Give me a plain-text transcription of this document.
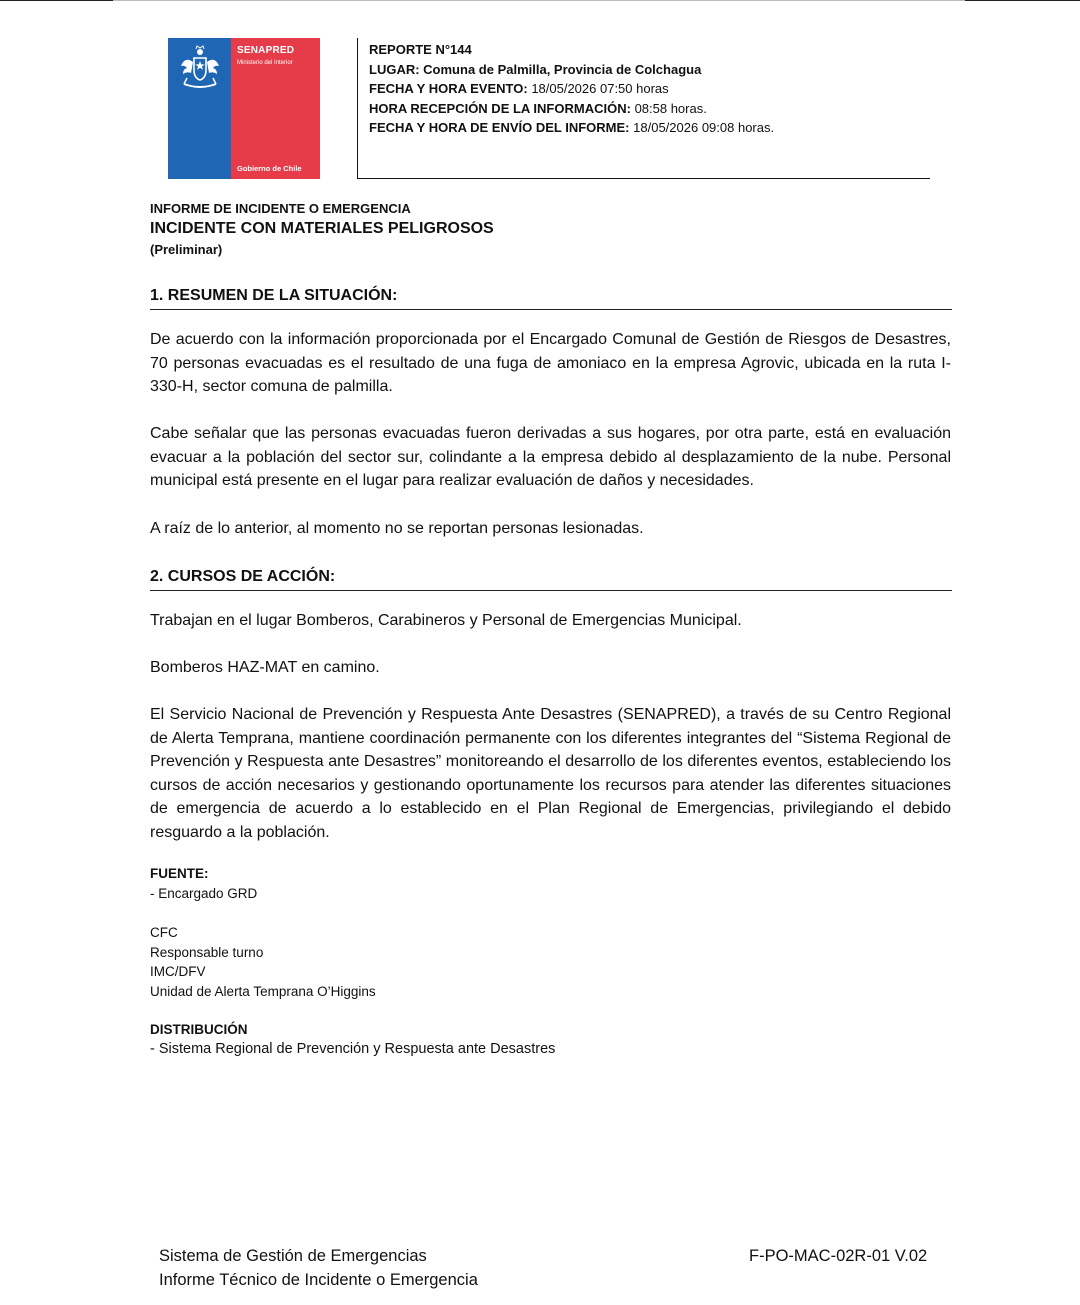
SENAPRED
Ministerio del Interior
Gobierno de Chile
REPORTE N°144
LUGAR: Comuna de Palmilla, Provincia de Colchagua
FECHA Y HORA EVENTO: 18/05/2026 07:50 horas
HORA RECEPCIÓN DE LA INFORMACIÓN: 08:58 horas.
FECHA Y HORA DE ENVÍO DEL INFORME: 18/05/2026 09:08 horas.
INFORME DE INCIDENTE O EMERGENCIA
INCIDENTE CON MATERIALES PELIGROSOS
(Preliminar)
1. RESUMEN DE LA SITUACIÓN:

De acuerdo con la información proporcionada por el Encargado Comunal de Gestión de Riesgos de Desastres, 70 personas evacuadas es el resultado de una fuga de amoniaco en la empresa Agrovic, ubicada en la ruta I-330-H, sector comuna de palmilla.

Cabe señalar que las personas evacuadas fueron derivadas a sus hogares, por otra parte, está en evaluación evacuar a la población del sector sur, colindante a la empresa debido al desplazamiento de la nube. Personal municipal está presente en el lugar para realizar evaluación de daños y necesidades.

A raíz de lo anterior, al momento no se reportan personas lesionadas.

2. CURSOS DE ACCIÓN:

Trabajan en el lugar Bomberos, Carabineros y Personal de Emergencias Municipal.

Bomberos HAZ-MAT en camino.

El Servicio Nacional de Prevención y Respuesta Ante Desastres (SENAPRED), a través de su Centro Regional de Alerta Temprana, mantiene coordinación permanente con los diferentes integrantes del “Sistema Regional de Prevención y Respuesta ante Desastres” monitoreando el desarrollo de los diferentes eventos, estableciendo los cursos de acción necesarios y gestionando oportunamente los recursos para atender las diferentes situaciones de emergencia de acuerdo a lo establecido en el Plan Regional de Emergencias, privilegiando el debido resguardo a la población.

FUENTE:
- Encargado GRD
CFC
Responsable turno
IMC/DFV
Unidad de Alerta Temprana O’Higgins
DISTRIBUCIÓN
- Sistema Regional de Prevención y Respuesta ante Desastres
Sistema de Gestión de Emergencias
Informe Técnico de Incidente o Emergencia
F-PO-MAC-02R-01 V.02
